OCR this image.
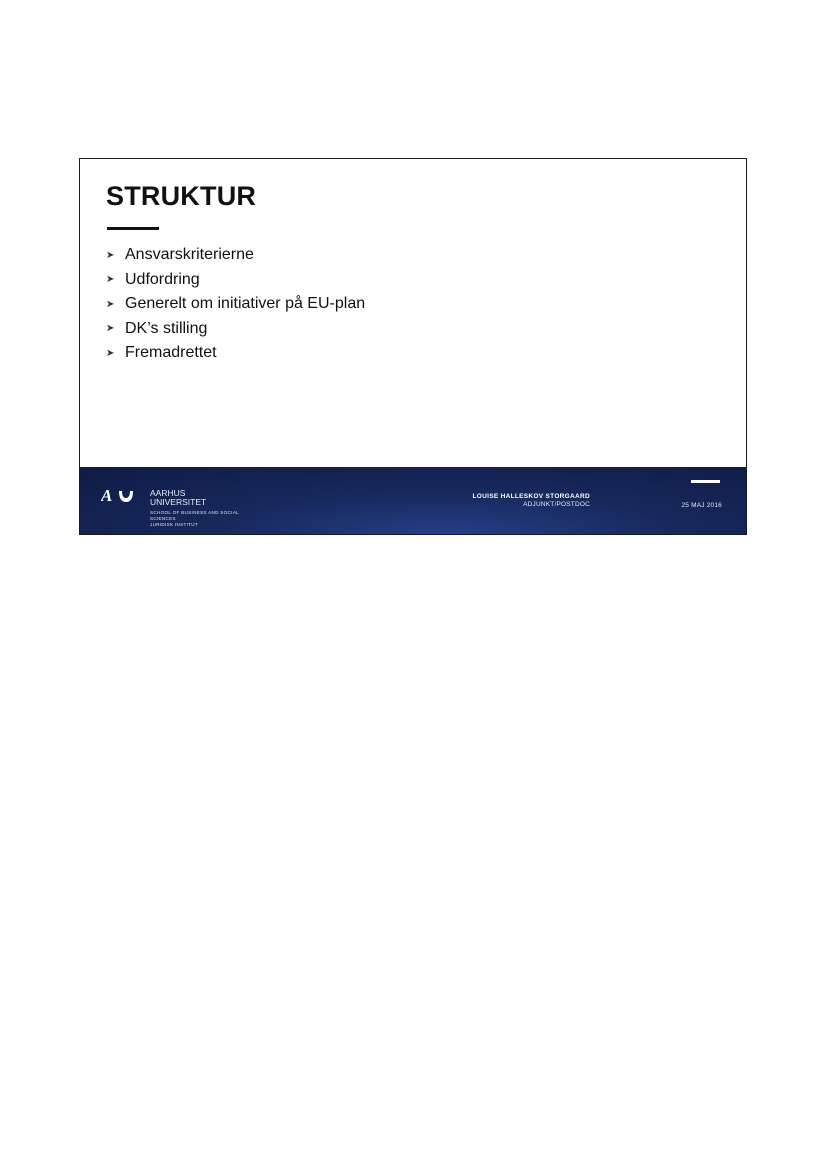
STRUKTUR
➤ Ansvarskriterierne
➤ Udfordring
➤ Generelt om initiativer på EU-plan
➤ DK’s stilling
➤ Fremadrettet
A	AARHUS
UNIVERSITET
SCHOOL OF BUSINESS AND SOCIAL
SCIENCES
JURIDISK INSTITUT
LOUISE HALLESKOV STORGAARD
ADJUNKT/POSTDOC	25 MAJ 2016
